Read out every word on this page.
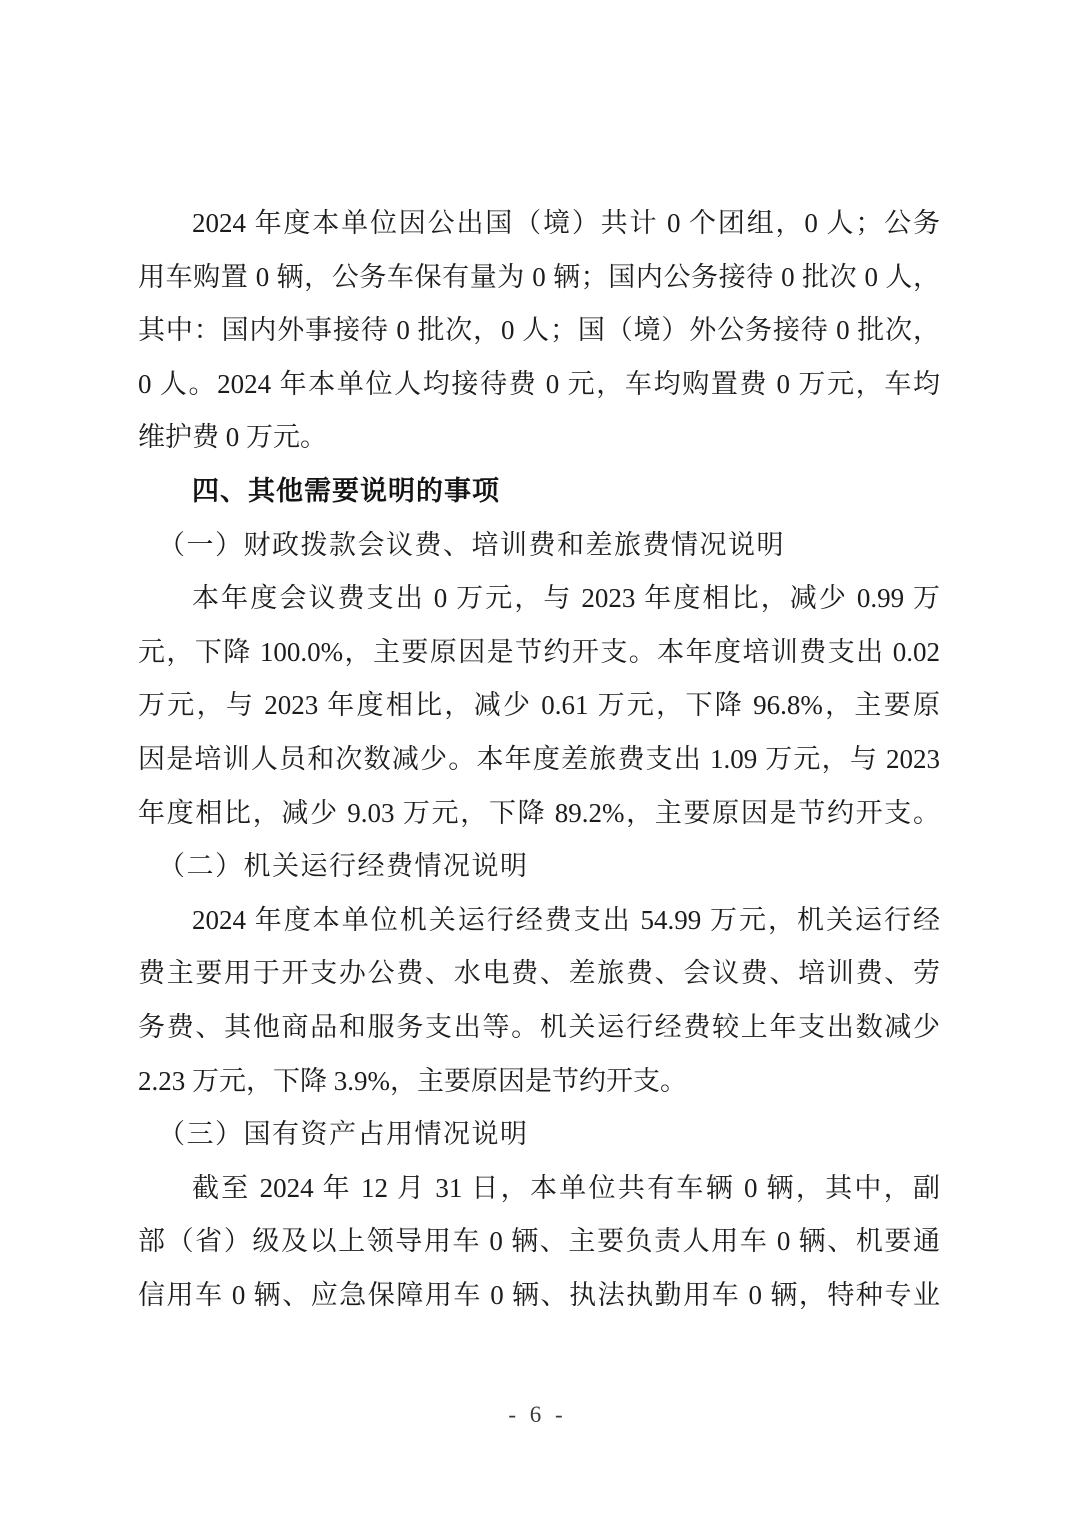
2024 年度本单位因公出国（境）共计 0 个团组，0 人；公务
用车购置 0 辆，公务车保有量为 0 辆；国内公务接待 0 批次 0 人，
其中：国内外事接待 0 批次，0 人；国（境）外公务接待 0 批次，
0 人。2024 年本单位人均接待费 0 元，车均购置费 0 万元，车均
维护费 0 万元。
四、其他需要说明的事项
（一）财政拨款会议费、培训费和差旅费情况说明
本年度会议费支出 0 万元，与 2023 年度相比，减少 0.99 万
元，下降 100.0%，主要原因是节约开支。本年度培训费支出 0.02
万元，与 2023 年度相比，减少 0.61 万元，下降 96.8%，主要原
因是培训人员和次数减少。本年度差旅费支出 1.09 万元，与 2023
年度相比，减少 9.03 万元，下降 89.2%，主要原因是节约开支。
（二）机关运行经费情况说明
2024 年度本单位机关运行经费支出 54.99 万元，机关运行经
费主要用于开支办公费、水电费、差旅费、会议费、培训费、劳
务费、其他商品和服务支出等。机关运行经费较上年支出数减少
2.23 万元，下降 3.9%，主要原因是节约开支。
（三）国有资产占用情况说明
截至 2024 年 12 月 31 日，本单位共有车辆 0 辆，其中，副
部（省）级及以上领导用车 0 辆、主要负责人用车 0 辆、机要通
信用车 0 辆、应急保障用车 0 辆、执法执勤用车 0 辆，特种专业
- 6 -
